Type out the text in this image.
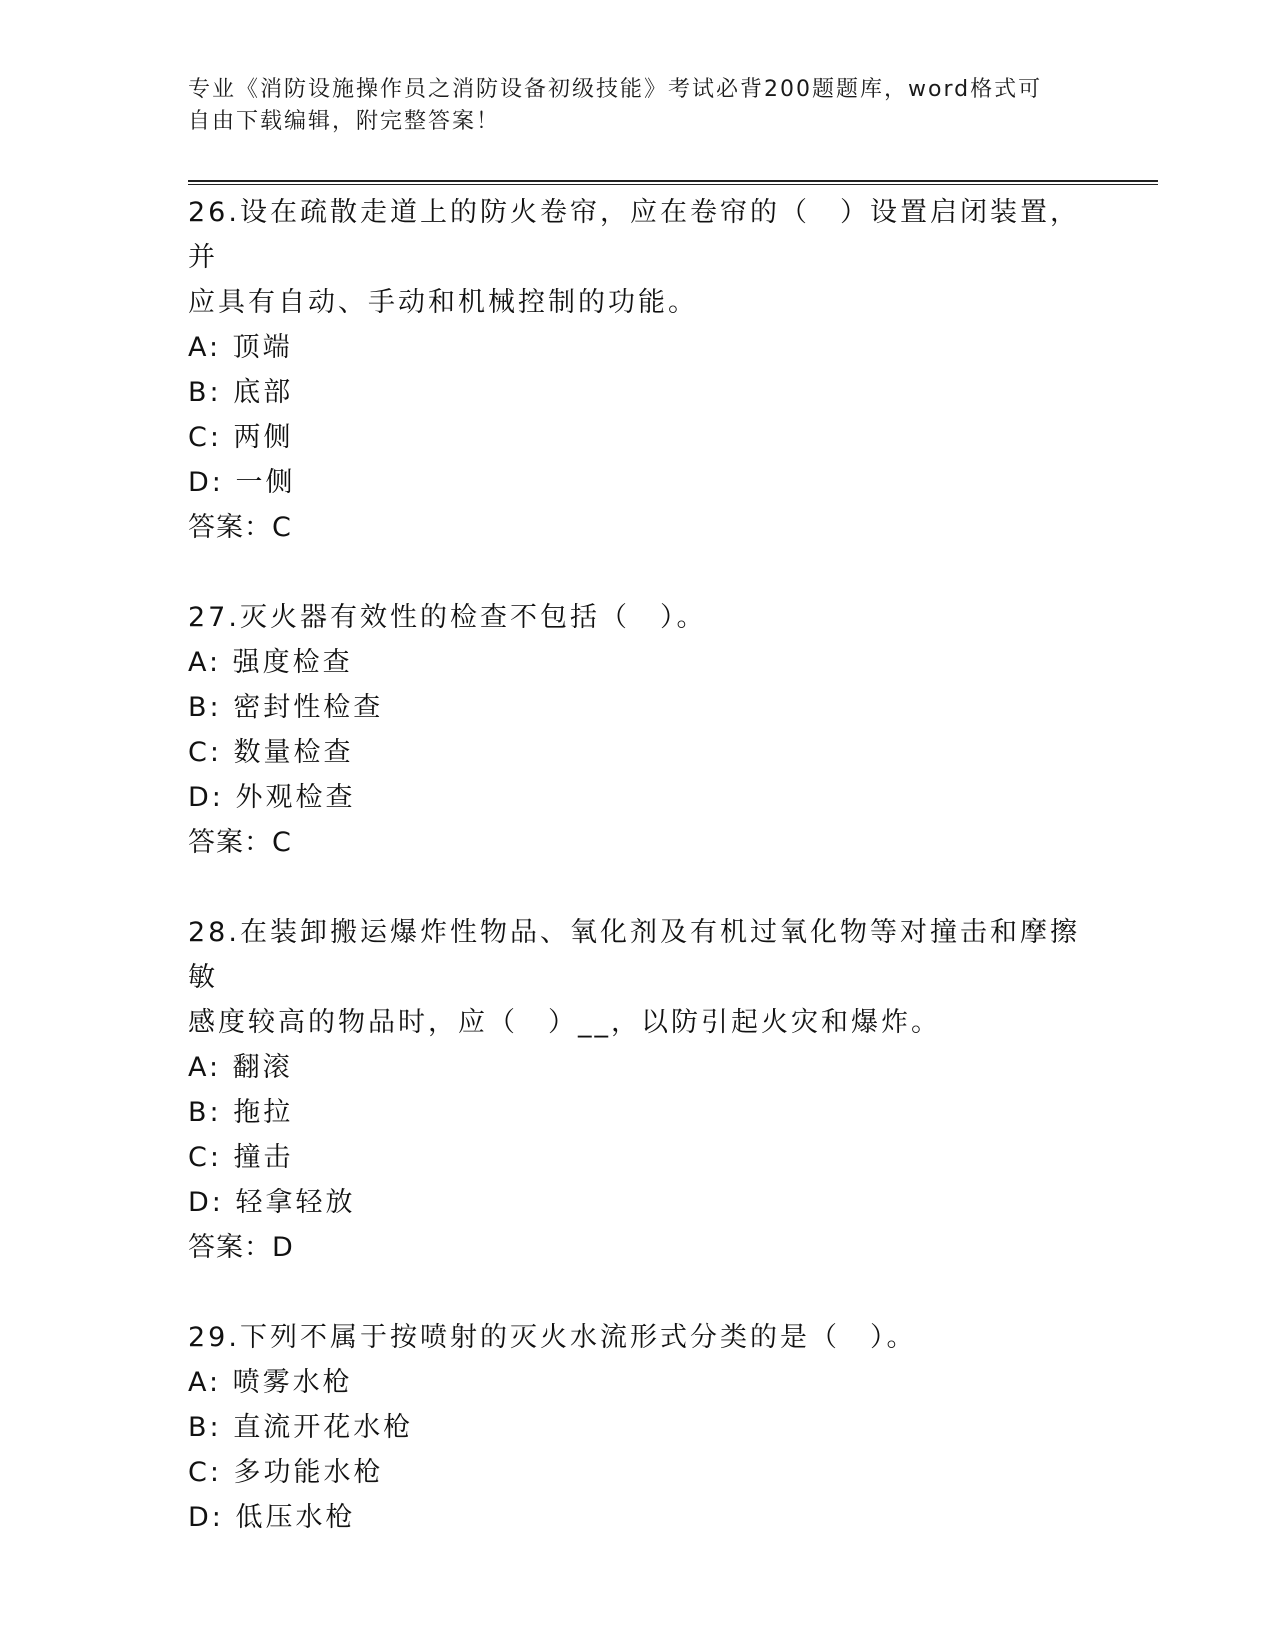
专业《消防设施操作员之消防设备初级技能》考试必背200题题库，word格式可
自由下载编辑，附完整答案！

26.设在疏散走道上的防火卷帘，应在卷帘的（　）设置启闭装置，并

应具有自动、手动和机械控制的功能。

A: 顶端

B: 底部

C: 两侧

D: 一侧

答案：C

27.灭火器有效性的检查不包括（　）。

A: 强度检查

B: 密封性检查

C: 数量检查

D: 外观检查

答案：C

28.在装卸搬运爆炸性物品、氧化剂及有机过氧化物等对撞击和摩擦敏

感度较高的物品时，应（　）__，以防引起火灾和爆炸。

A: 翻滚

B: 拖拉

C: 撞击

D: 轻拿轻放

答案：D

29.下列不属于按喷射的灭火水流形式分类的是（　）。

A: 喷雾水枪

B: 直流开花水枪

C: 多功能水枪

D: 低压水枪
